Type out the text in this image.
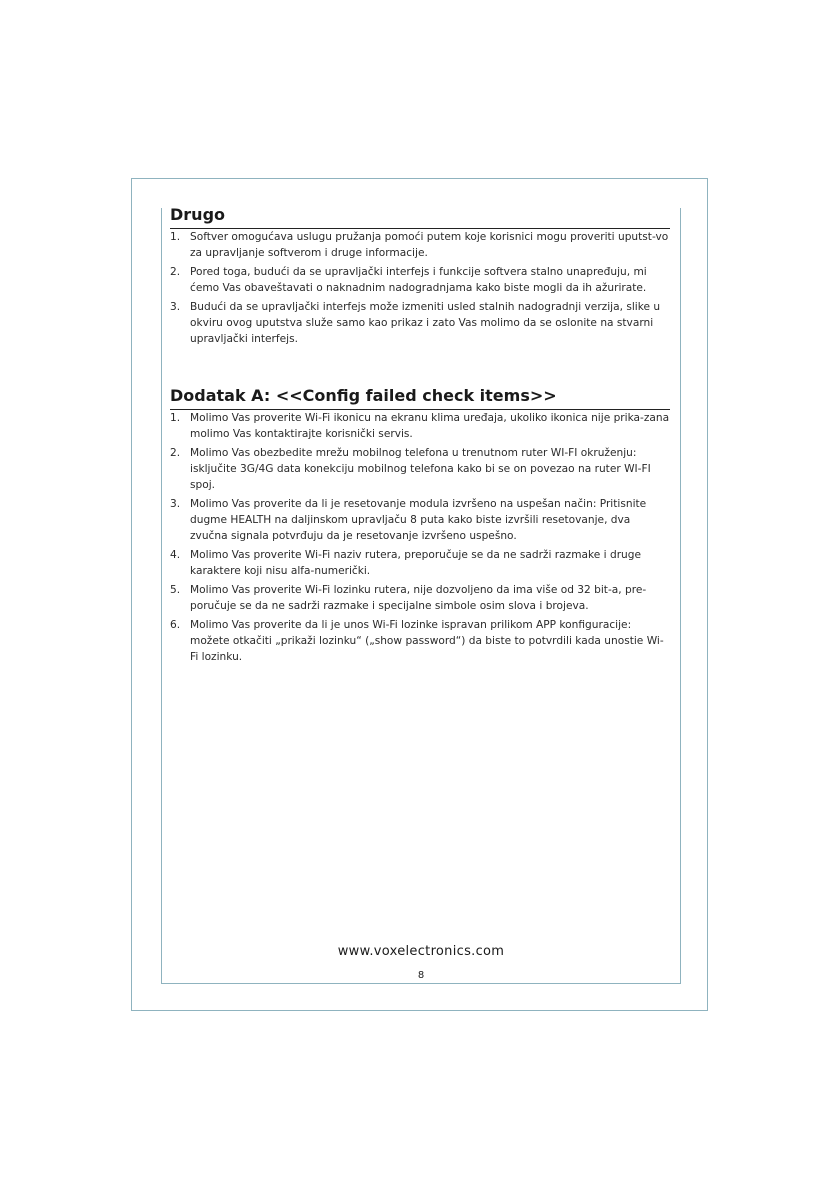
Drugo
1. Softver omogućava uslugu pružanja pomoći putem koje korisnici mogu proveriti uputst-vo za upravljanje softverom i druge informacije.
2. Pored toga, budući da se upravljački interfejs i funkcije softvera stalno unapređuju, mi ćemo Vas obaveštavati o naknadnim nadogradnjama kako biste mogli da ih ažurirate.
3. Budući da se upravljački interfejs može izmeniti usled stalnih nadogradnji verzija, slike u okviru ovog uputstva služe samo kao prikaz i zato Vas molimo da se oslonite na stvarni upravljački interfejs.
Dodatak A: <<Config failed check items>>
1. Molimo Vas proverite Wi-Fi ikonicu na ekranu klima uređaja, ukoliko ikonica nije prika-zana molimo Vas kontaktirajte korisnički servis.
2. Molimo Vas obezbedite mrežu mobilnog telefona u trenutnom ruter WI-FI okruženju: isključite 3G/4G data konekciju mobilnog telefona kako bi se on povezao na ruter WI-FI spoj.
3. Molimo Vas proverite da li je resetovanje modula izvršeno na uspešan način: Pritisnite dugme HEALTH na daljinskom upravljaču 8 puta kako biste izvršili resetovanje, dva zvučna signala potvrđuju da je resetovanje izvršeno uspešno.
4. Molimo Vas proverite Wi-Fi naziv rutera, preporučuje se da ne sadrži razmake i druge karaktere koji nisu alfa-numerički.
5. Molimo Vas proverite Wi-Fi lozinku rutera, nije dozvoljeno da ima više od 32 bit-a, pre-poručuje se da ne sadrži razmake i specijalne simbole osim slova i brojeva.
6. Molimo Vas proverite da li je unos Wi-Fi lozinke ispravan prilikom APP konfiguracije: možete otkačiti „prikaži lozinku“ („show password“) da biste to potvrdili kada unostie Wi-Fi lozinku.
www.voxelectronics.com
8
